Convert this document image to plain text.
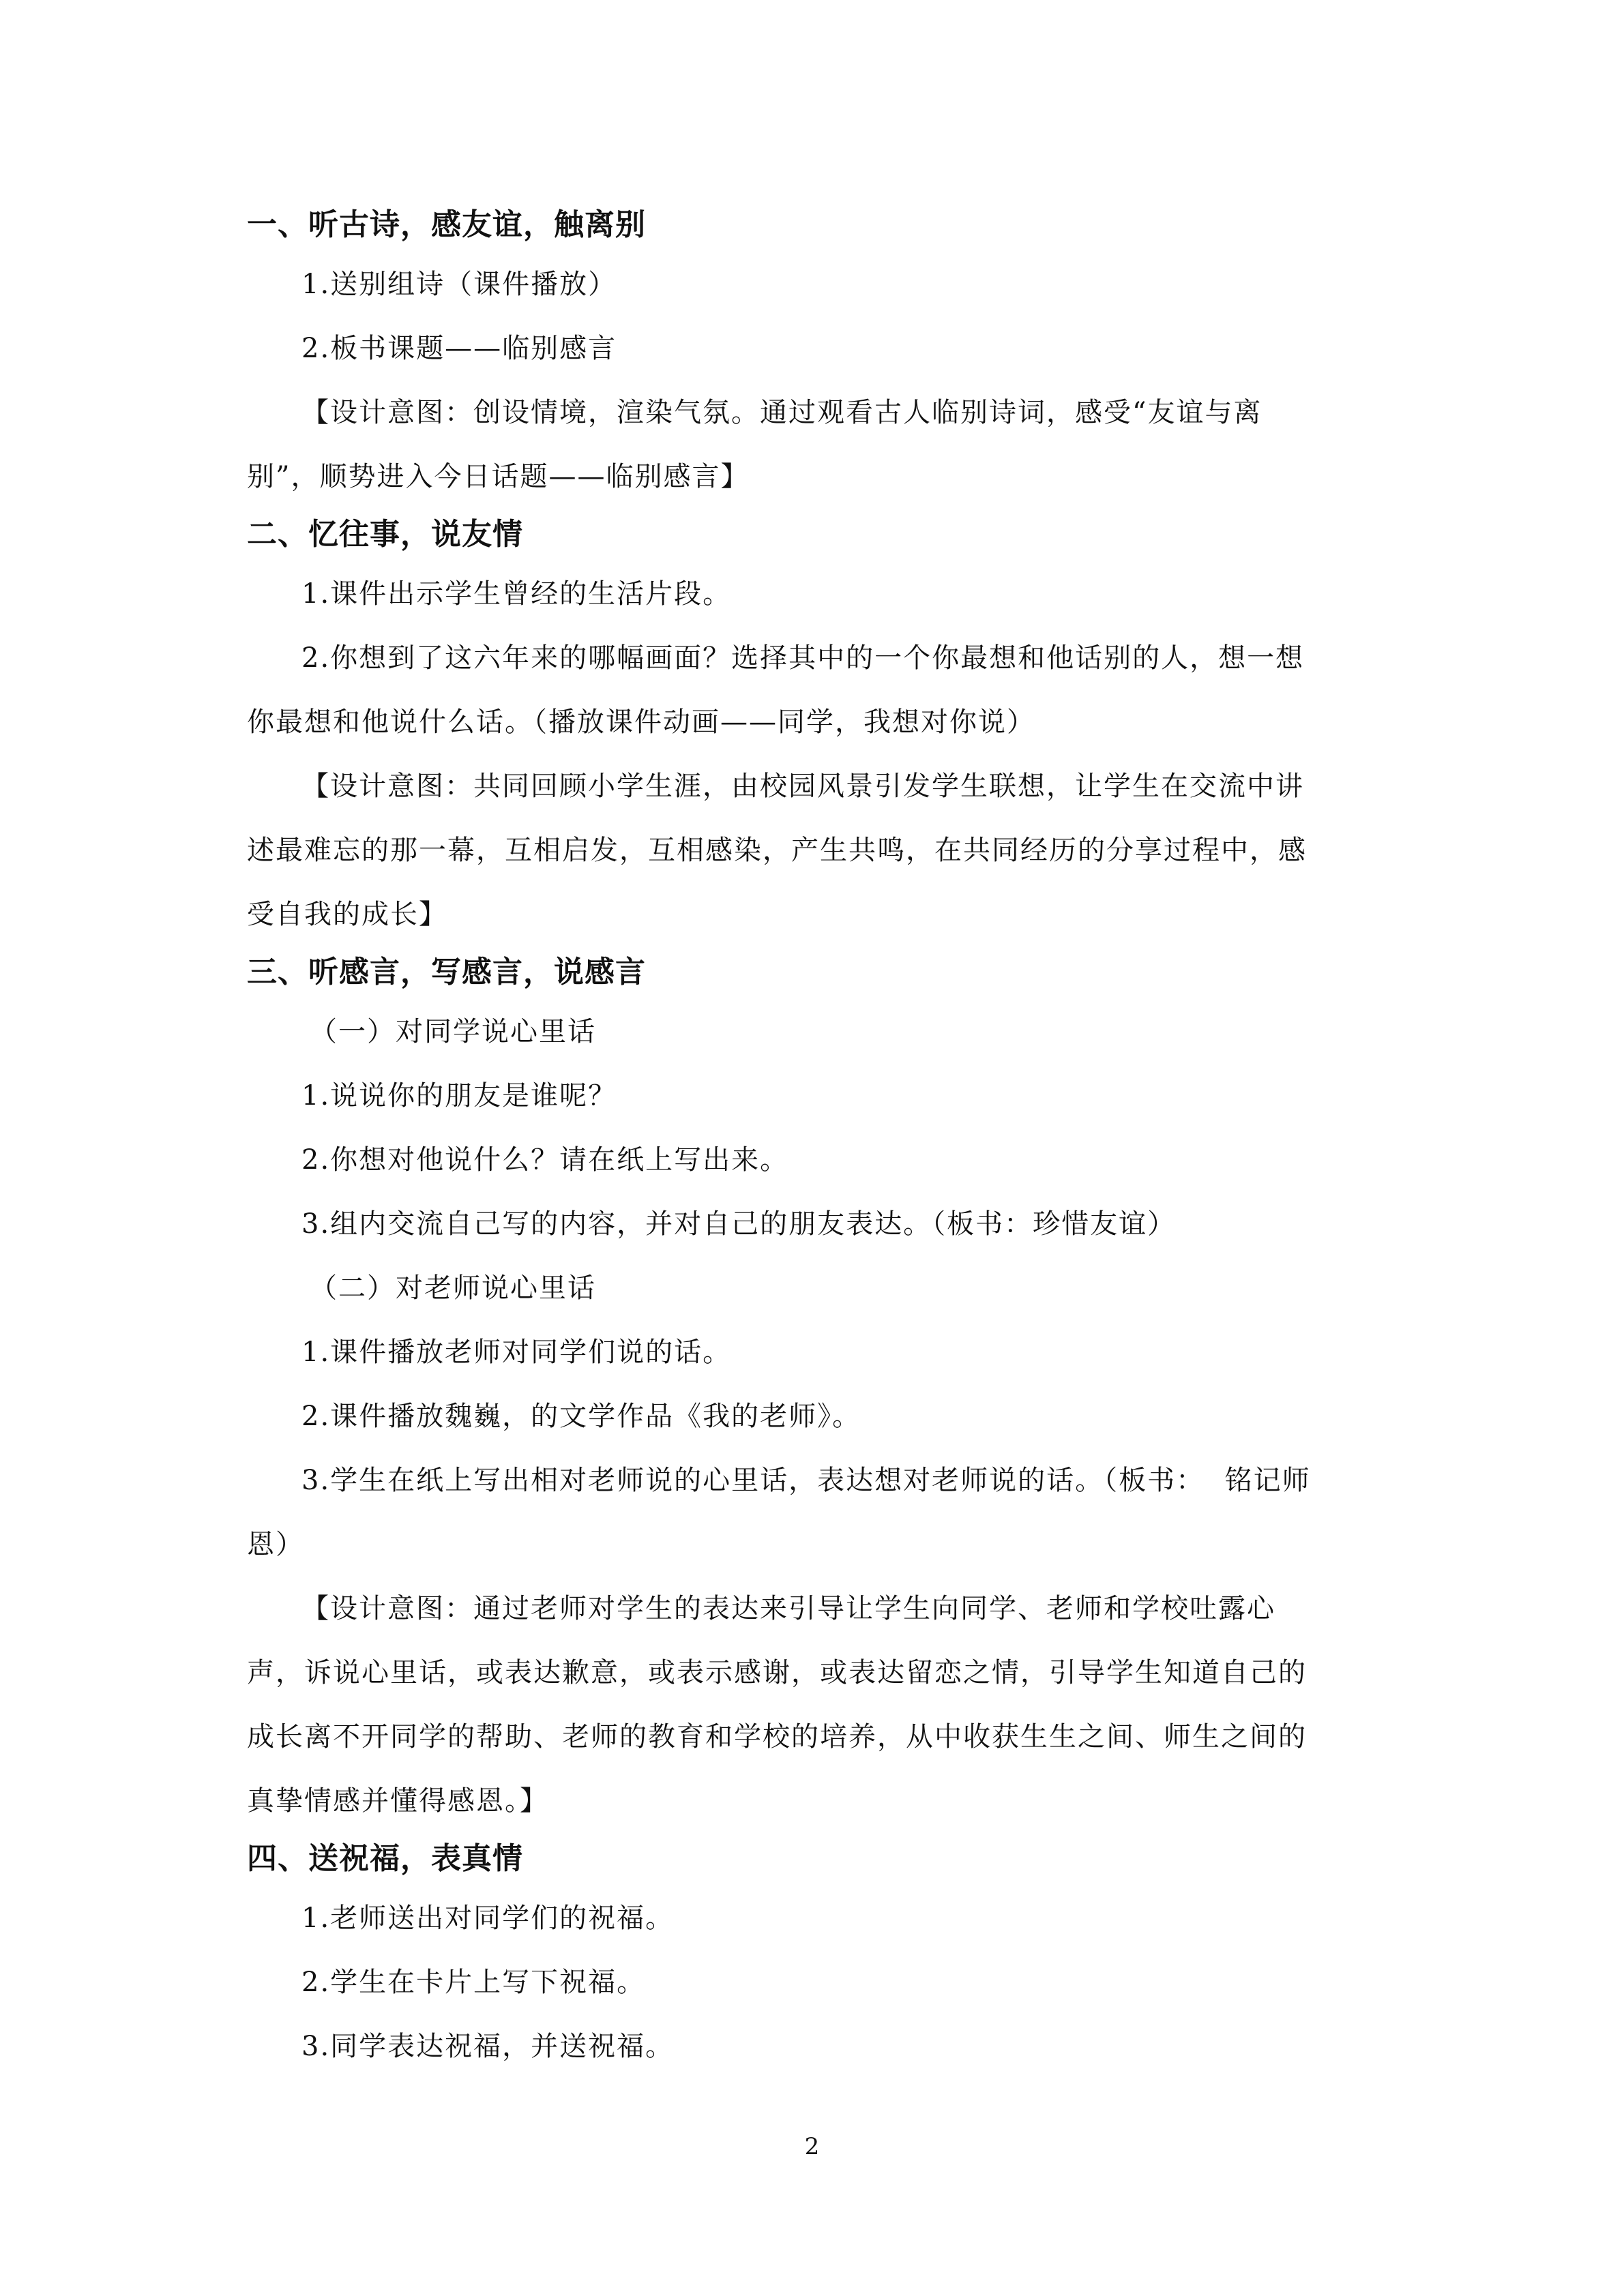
一、听古诗，感友谊，触离别
1.送别组诗（课件播放）
2.板书课题——临别感言
【设计意图：创设情境，渲染气氛。通过观看古人临别诗词，感受“友谊与离
别”，顺势进入今日话题——临别感言】
二、忆往事，说友情
1.课件出示学生曾经的生活片段。
2.你想到了这六年来的哪幅画面？选择其中的一个你最想和他话别的人，想一想
你最想和他说什么话。（播放课件动画——同学，我想对你说）
【设计意图：共同回顾小学生涯，由校园风景引发学生联想，让学生在交流中讲
述最难忘的那一幕，互相启发，互相感染，产生共鸣，在共同经历的分享过程中，感
受自我的成长】
三、听感言，写感言，说感言
（一）对同学说心里话
1.说说你的朋友是谁呢？
2.你想对他说什么？请在纸上写出来。
3.组内交流自己写的内容，并对自己的朋友表达。（板书：珍惜友谊）
（二）对老师说心里话
1.课件播放老师对同学们说的话。
2.课件播放魏巍，的文学作品《我的老师》。
3.学生在纸上写出相对老师说的心里话，表达想对老师说的话。（板书：  铭记师
恩）
【设计意图：通过老师对学生的表达来引导让学生向同学、老师和学校吐露心
声，诉说心里话，或表达歉意，或表示感谢，或表达留恋之情，引导学生知道自己的
成长离不开同学的帮助、老师的教育和学校的培养，从中收获生生之间、师生之间的
真挚情感并懂得感恩。】
四、送祝福，表真情
1.老师送出对同学们的祝福。
2.学生在卡片上写下祝福。
3.同学表达祝福，并送祝福。
2
